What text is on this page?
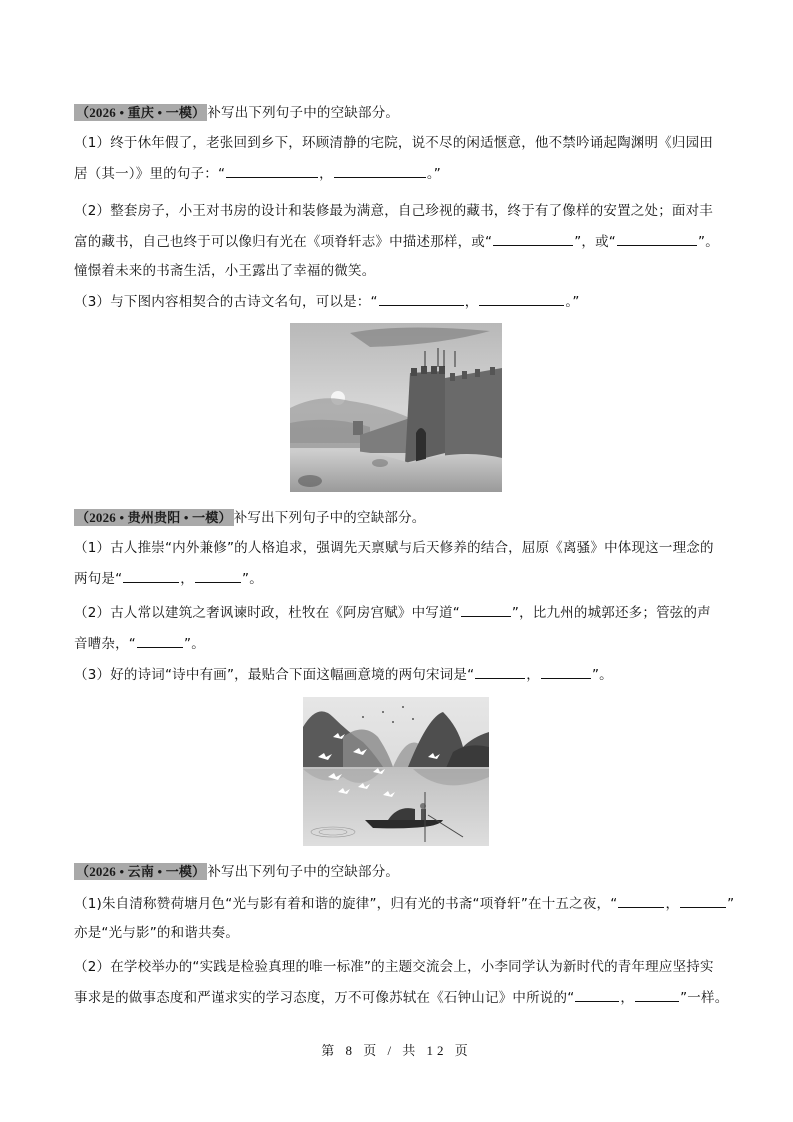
（2026 • 重庆 • 一模） 补写出下列句子中的空缺部分。
（1）终于休年假了，老张回到乡下，环顾清静的宅院，说不尽的闲适惬意，他不禁吟诵起陶渊明《归园田
居（其一）》里的句子：“	，	。”
（2）整套房子，小王对书房的设计和装修最为满意，自己珍视的藏书，终于有了像样的安置之处；面对丰
富的藏书，自己也终于可以像归有光在《项脊轩志》中描述那样，或“	”，或“	”。
憧憬着未来的书斋生活，小王露出了幸福的微笑。
（3）与下图内容相契合的古诗文名句，可以是：“	，	。”
（2026 • 贵州贵阳 • 一模） 补写出下列句子中的空缺部分。
（1）古人推崇“内外兼修”的人格追求，强调先天禀赋与后天修养的结合，屈原《离骚》中体现这一理念的
两句是“	，	”。
（2）古人常以建筑之奢讽谏时政，杜牧在《阿房宫赋》中写道“	”，比九州的城郭还多；管弦的声
音嘈杂，“	”。
（3）好的诗词“诗中有画”，最贴合下面这幅画意境的两句宋词是“	，	”。
（2026 • 云南 • 一模） 补写出下列句子中的空缺部分。
（1)朱自清称赞荷塘月色“光与影有着和谐的旋律”，归有光的书斋“项脊轩”在十五之夜，“	，	”
亦是“光与影”的和谐共奏。
（2）在学校举办的“实践是检验真理的唯一标准”的主题交流会上，小李同学认为新时代的青年理应坚持实
事求是的做事态度和严谨求实的学习态度，万不可像苏轼在《石钟山记》中所说的“	，	”一样。
第 8 页 / 共 12 页
